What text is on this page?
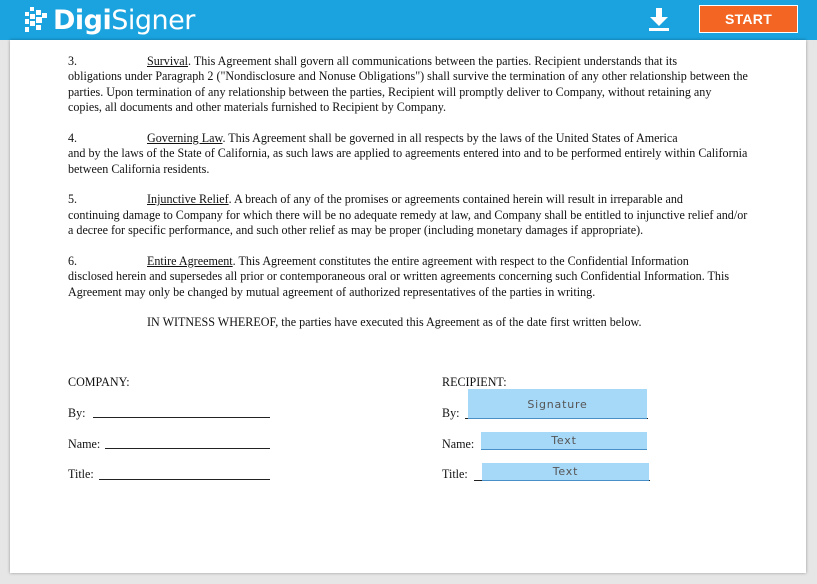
DigiSigner	START
3.	Survival. This Agreement shall govern all communications between the parties. Recipient understands that its
obligations under Paragraph 2 ("Nondisclosure and Nonuse Obligations") shall survive the termination of any other relationship between the parties. Upon termination of any relationship between the parties, Recipient will promptly deliver to Company, without retaining any copies, all documents and other materials furnished to Recipient by Company.
4.	Governing Law. This Agreement shall be governed in all respects by the laws of the United States of America
and by the laws of the State of California, as such laws are applied to agreements entered into and to be performed entirely within California between California residents.
5.	Injunctive Relief. A breach of any of the promises or agreements contained herein will result in irreparable and
continuing damage to Company for which there will be no adequate remedy at law, and Company shall be entitled to injunctive relief and/or a decree for specific performance, and such other relief as may be proper (including monetary damages if appropriate).
6.	Entire Agreement. This Agreement constitutes the entire agreement with respect to the Confidential Information
disclosed herein and supersedes all prior or contemporaneous oral or written agreements concerning such Confidential Information. This Agreement may only be changed by mutual agreement of authorized representatives of the parties in writing.
IN WITNESS WHEREOF, the parties have executed this Agreement as of the date first written below.
COMPANY:
By:
Name:
Title:
RECIPIENT:
By:
Signature
Name:	Text
Title:	Text
